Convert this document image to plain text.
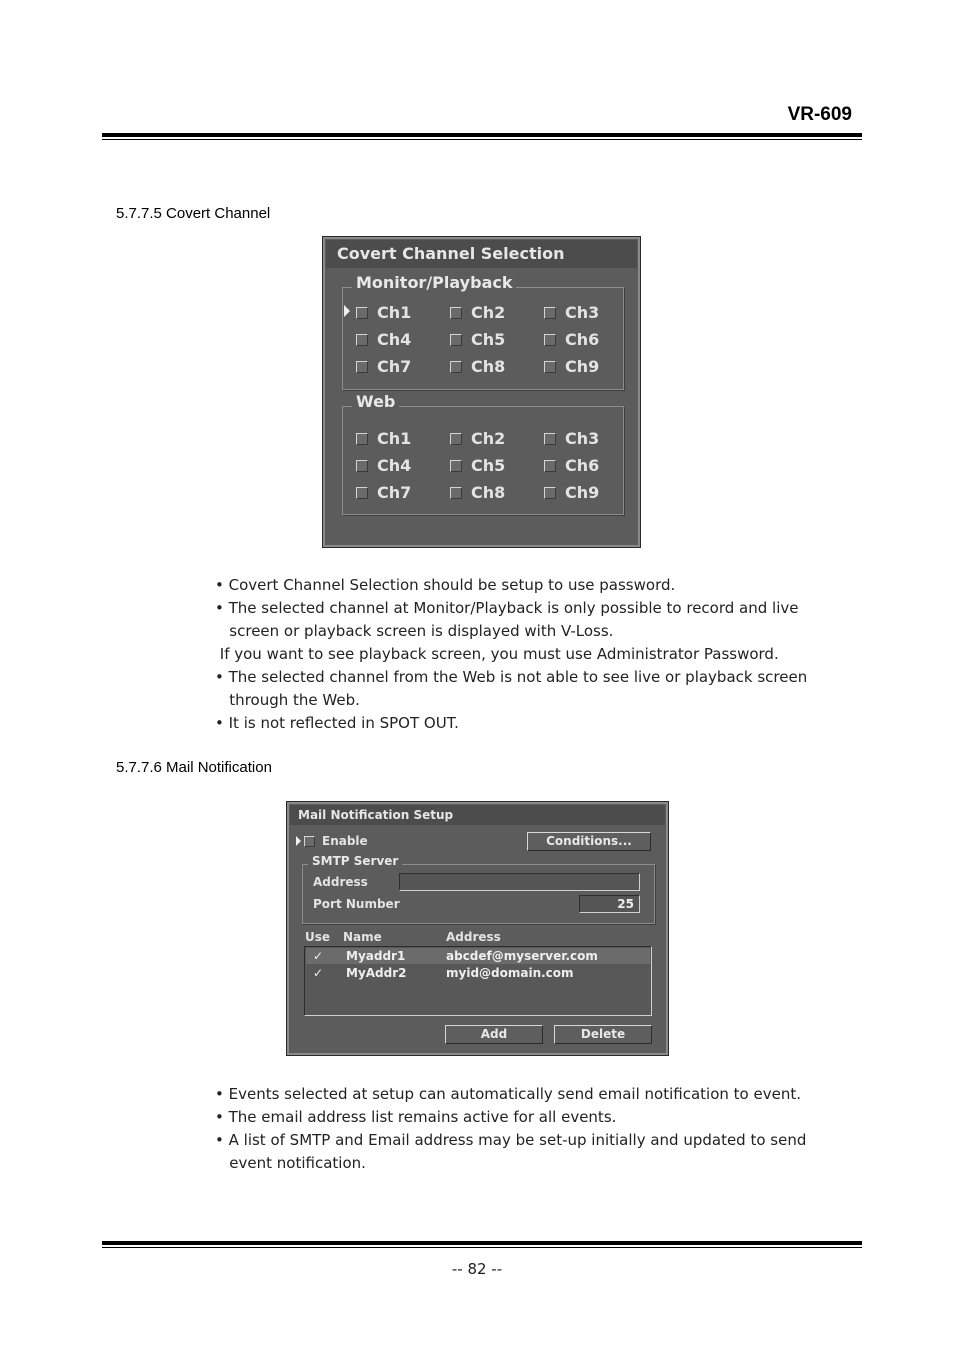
VR-609
5.7.7.5 Covert Channel
Covert Channel Selection
Monitor/Playback
Ch1	Ch2	Ch3
Ch4	Ch5	Ch6
Ch7	Ch8	Ch9
Web
Ch1	Ch2	Ch3
Ch4	Ch5	Ch6
Ch7	Ch8	Ch9

• Covert Channel Selection should be setup to use password.

• The selected channel at Monitor/Playback is only possible to record and live

screen or playback screen is displayed with V-Loss.

If you want to see playback screen, you must use Administrator Password.

• The selected channel from the Web is not able to see live or playback screen

through the Web.

• It is not reflected in SPOT OUT.

5.7.7.6 Mail Notification
Mail Notification Setup
Enable	Conditions...
SMTP Server
Address
Port Number	25
Use Name	Address
✓ Myaddr1	abcdef@myserver.com
✓ MyAddr2	myid@domain.com
Add	Delete

• Events selected at setup can automatically send email notification to event.

• The email address list remains active for all events.

• A list of SMTP and Email address may be set-up initially and updated to send

event notification.

-- 82 --
